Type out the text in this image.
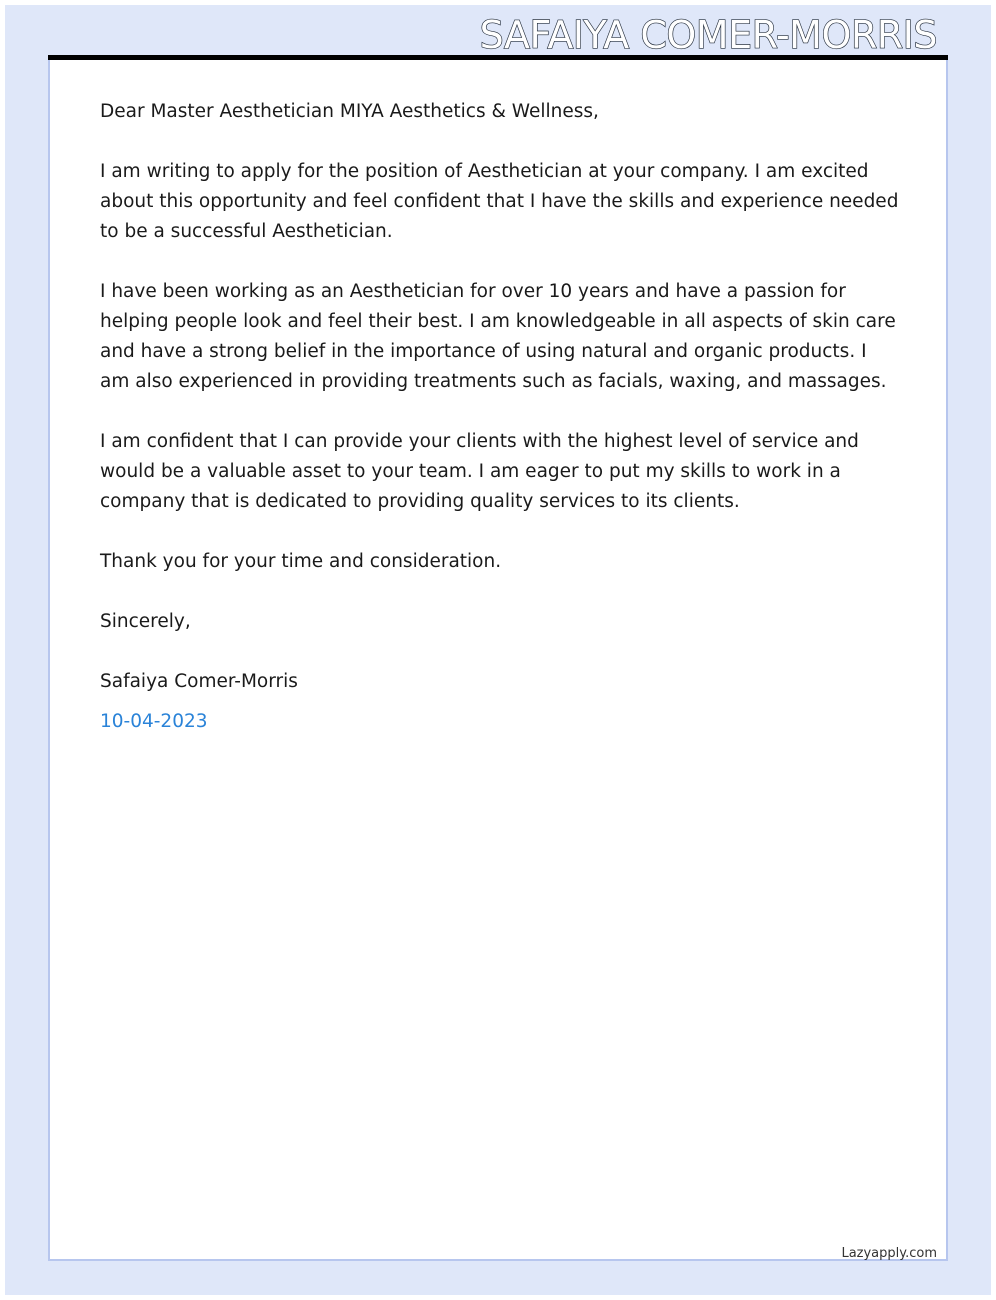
SAFAIYA COMER-MORRIS

Dear Master Aesthetician MIYA Aesthetics & Wellness,

I am writing to apply for the position of Aesthetician at your company. I am excited about this opportunity and feel confident that I have the skills and experience needed to be a successful Aesthetician.

I have been working as an Aesthetician for over 10 years and have a passion for helping people look and feel their best. I am knowledgeable in all aspects of skin care and have a strong belief in the importance of using natural and organic products. I am also experienced in providing treatments such as facials, waxing, and massages.

I am confident that I can provide your clients with the highest level of service and would be a valuable asset to your team. I am eager to put my skills to work in a company that is dedicated to providing quality services to its clients.

Thank you for your time and consideration.

Sincerely,

Safaiya Comer-Morris

10-04-2023

Lazyapply.com
